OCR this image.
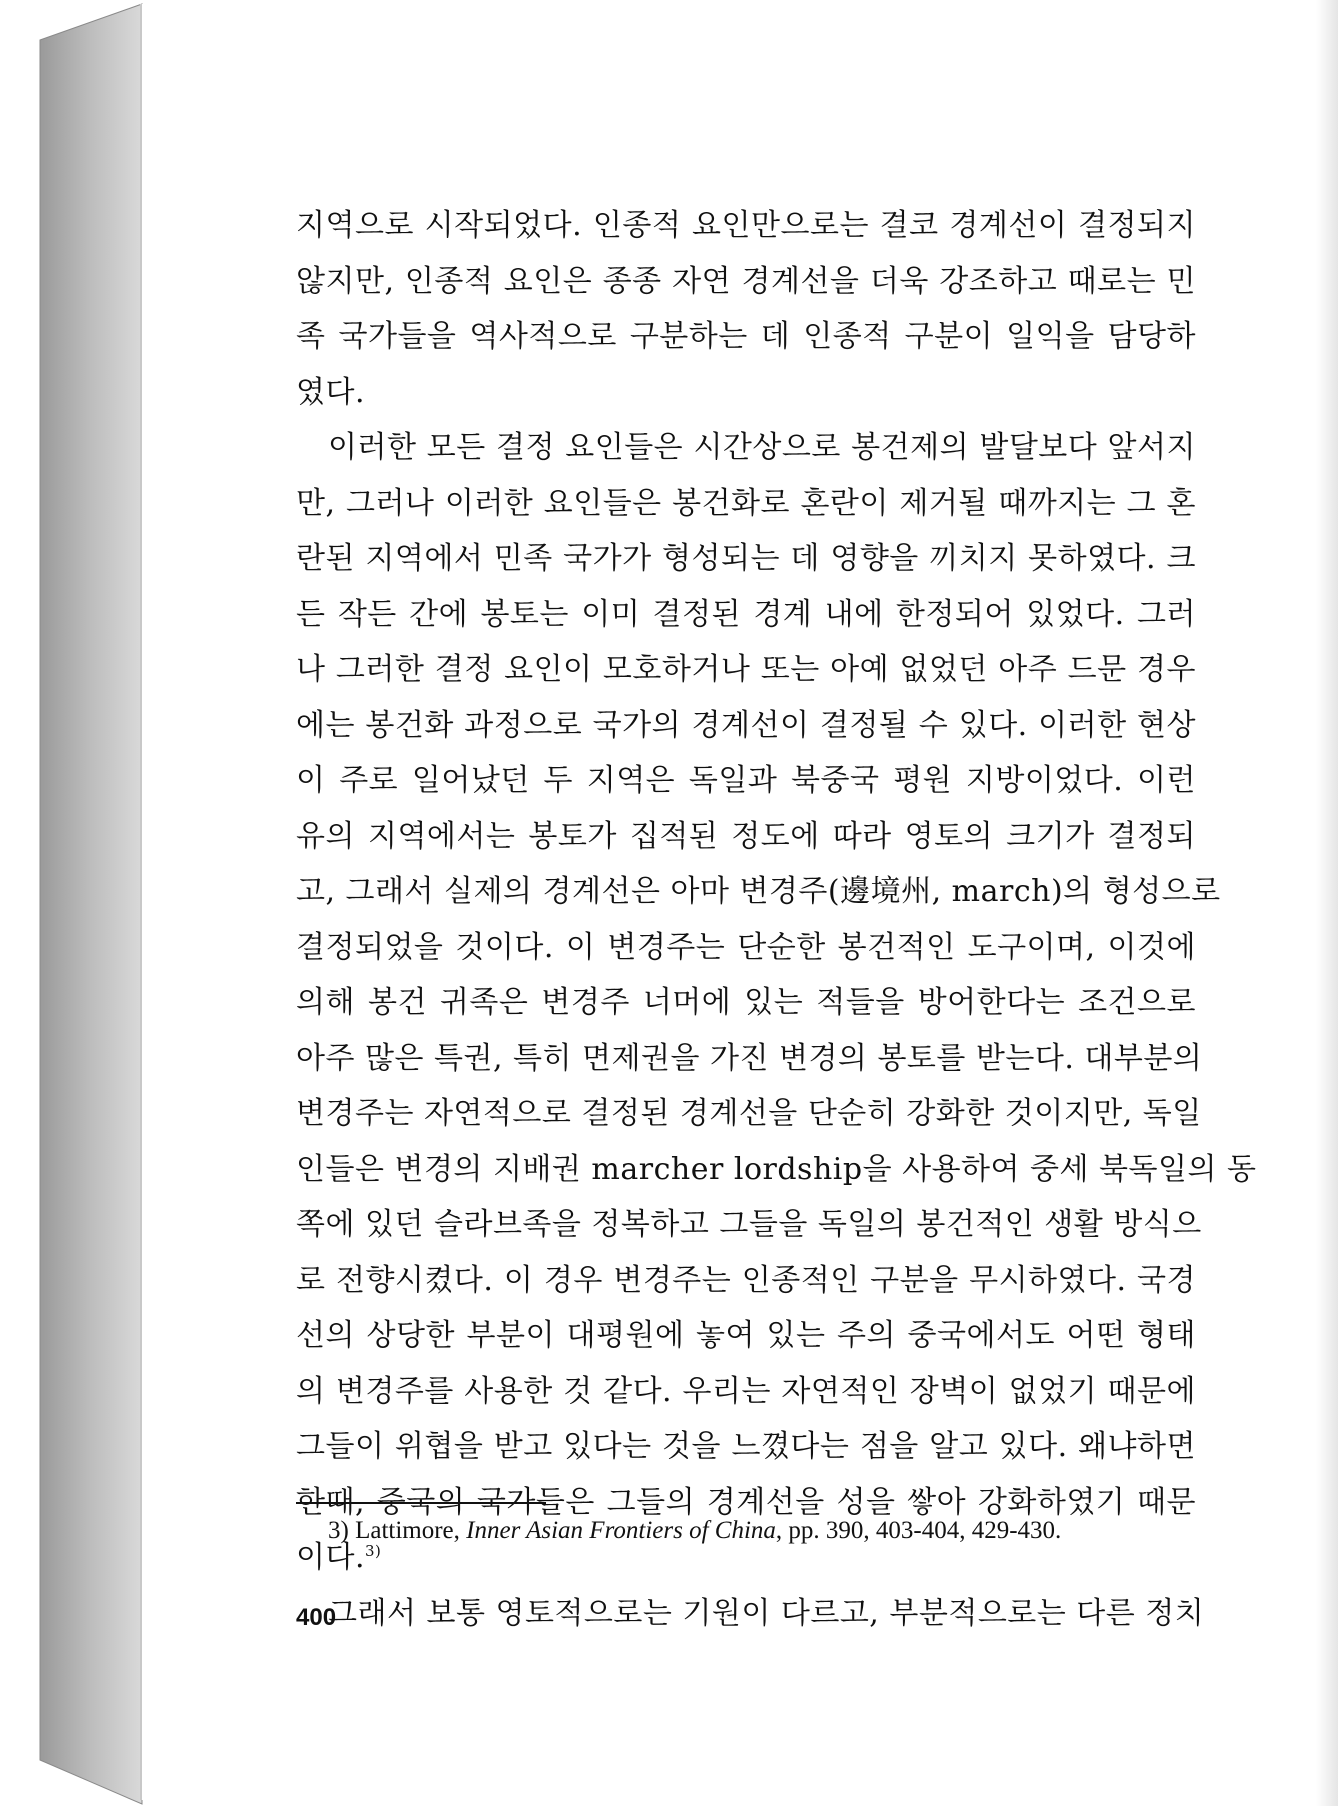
지역으로 시작되었다. 인종적 요인만으로는 결코 경계선이 결정되지
않지만, 인종적 요인은 종종 자연 경계선을 더욱 강조하고 때로는 민
족 국가들을 역사적으로 구분하는 데 인종적 구분이 일익을 담당하
였다.
이러한 모든 결정 요인들은 시간상으로 봉건제의 발달보다 앞서지
만, 그러나 이러한 요인들은 봉건화로 혼란이 제거될 때까지는 그 혼
란된 지역에서 민족 국가가 형성되는 데 영향을 끼치지 못하였다. 크
든 작든 간에 봉토는 이미 결정된 경계 내에 한정되어 있었다. 그러
나 그러한 결정 요인이 모호하거나 또는 아예 없었던 아주 드문 경우
에는 봉건화 과정으로 국가의 경계선이 결정될 수 있다. 이러한 현상
이 주로 일어났던 두 지역은 독일과 북중국 평원 지방이었다. 이런
유의 지역에서는 봉토가 집적된 정도에 따라 영토의 크기가 결정되
고, 그래서 실제의 경계선은 아마 변경주(邊境州, march)의 형성으로
결정되었을 것이다. 이 변경주는 단순한 봉건적인 도구이며, 이것에
의해 봉건 귀족은 변경주 너머에 있는 적들을 방어한다는 조건으로
아주 많은 특권, 특히 면제권을 가진 변경의 봉토를 받는다. 대부분의
변경주는 자연적으로 결정된 경계선을 단순히 강화한 것이지만, 독일
인들은 변경의 지배권 marcher lordship을 사용하여 중세 북독일의 동
쪽에 있던 슬라브족을 정복하고 그들을 독일의 봉건적인 생활 방식으
로 전향시켰다. 이 경우 변경주는 인종적인 구분을 무시하였다. 국경
선의 상당한 부분이 대평원에 놓여 있는 주의 중국에서도 어떤 형태
의 변경주를 사용한 것 같다. 우리는 자연적인 장벽이 없었기 때문에
그들이 위협을 받고 있다는 것을 느꼈다는 점을 알고 있다. 왜냐하면
한때, 중국의 국가들은 그들의 경계선을 성을 쌓아 강화하였기 때문
이다.$^{3)}$
그래서 보통 영토적으로는 기원이 다르고, 부분적으로는 다른 정치
3) Lattimore, Inner Asian Frontiers of China, pp. 390, 403-404, 429-430.
400
